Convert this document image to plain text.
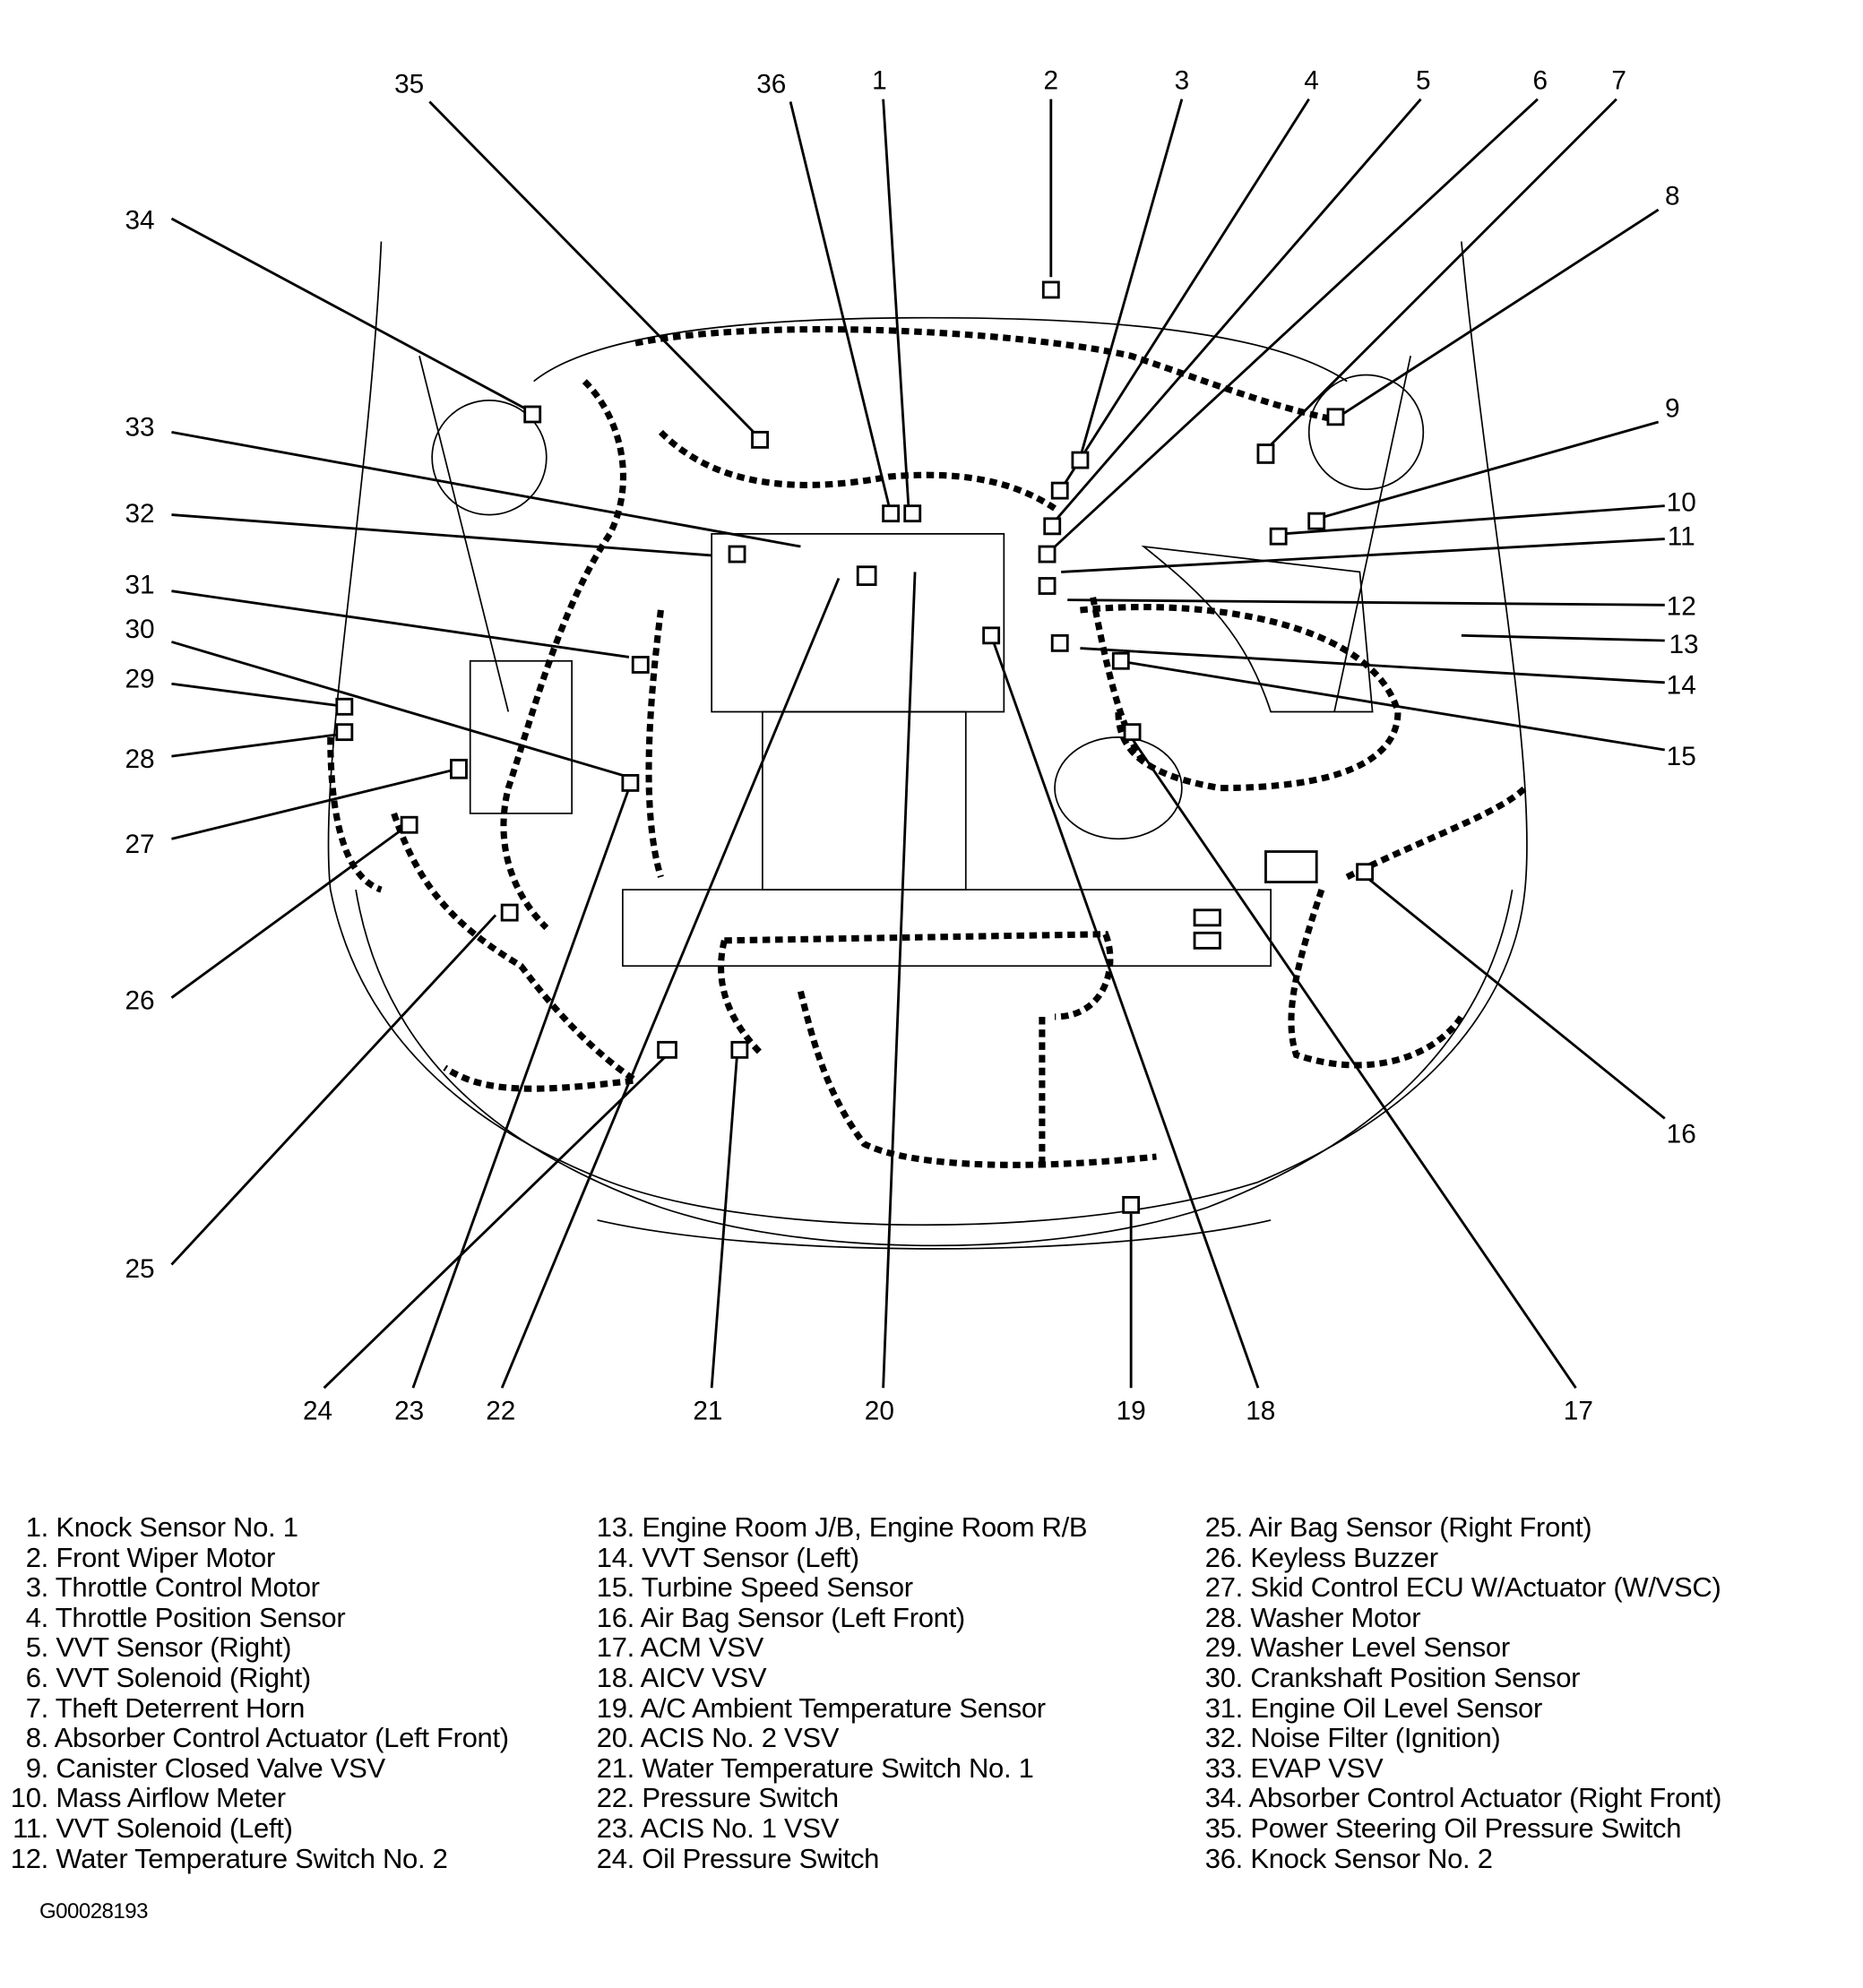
1	2	3	4	5	6	7
8
9
10
11
12
13
14
15
16
17
18
19
20
21
22
23
24
25
26
27
28
29
30
31
32
33
34
35	36
1. Knock Sensor No. 1
2. Front Wiper Motor
3. Throttle Control Motor
4. Throttle Position Sensor
5. VVT Sensor (Right)
6. VVT Solenoid (Right)
7. Theft Deterrent Horn
8. Absorber Control Actuator (Left Front)
9. Canister Closed Valve VSV
10. Mass Airflow Meter
11. VVT Solenoid (Left)
12. Water Temperature Switch No. 2
13. Engine Room J/B, Engine Room R/B
14. VVT Sensor (Left)
15. Turbine Speed Sensor
16. Air Bag Sensor (Left Front)
17. ACM VSV
18. AICV VSV
19. A/C Ambient Temperature Sensor
20. ACIS No. 2 VSV
21. Water Temperature Switch No. 1
22. Pressure Switch
23. ACIS No. 1 VSV
24. Oil Pressure Switch
25. Air Bag Sensor (Right Front)
26. Keyless Buzzer
27. Skid Control ECU W/Actuator (W/VSC)
28. Washer Motor
29. Washer Level Sensor
30. Crankshaft Position Sensor
31. Engine Oil Level Sensor
32. Noise Filter (Ignition)
33. EVAP VSV
34. Absorber Control Actuator (Right Front)
35. Power Steering Oil Pressure Switch
36. Knock Sensor No. 2
G00028193
